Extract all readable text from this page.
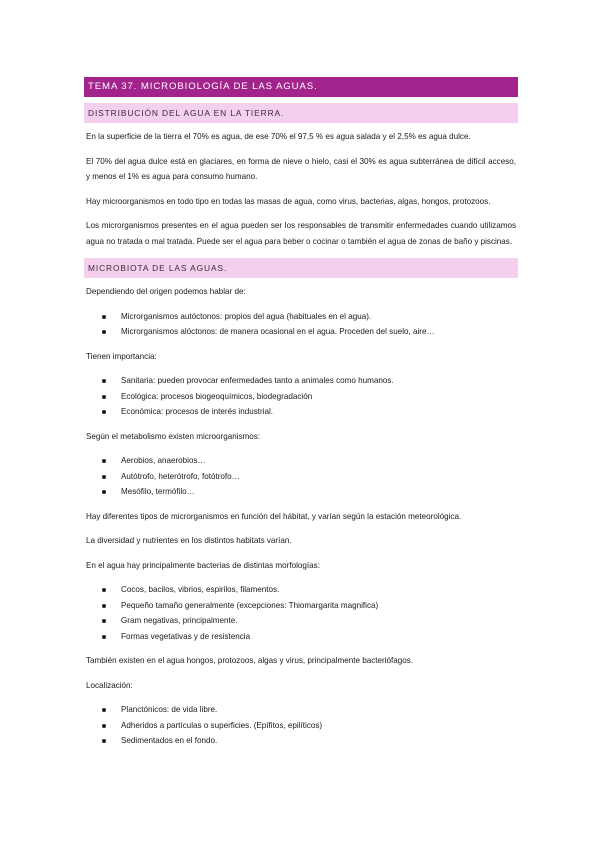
TEMA 37. MICROBIOLOGÍA DE LAS AGUAS.
DISTRIBUCIÓN DEL AGUA EN LA TIERRA.

En la superficie de la tierra el 70% es agua, de ese 70% el 97,5 % es agua salada y el 2,5% es agua dulce.

El 70% del agua dulce está en glaciares, en forma de nieve o hielo, casi el 30% es agua subterránea de difícil acceso, y menos el 1% es agua para consumo humano.

Hay microorganismos en todo tipo en todas las masas de agua, como virus, bacterias, algas, hongos, protozoos.

Los microrganismos presentes en el agua pueden ser los responsables de transmitir enfermedades cuando utilizamos agua no tratada o mal tratada. Puede ser el agua para beber o cocinar o también el agua de zonas de baño y piscinas.

MICROBIOTA DE LAS AGUAS.

Dependiendo del origen podemos hablar de:

Microrganismos autóctonos: propios del agua (habituales en el agua).
Microrganismos alóctonos: de manera ocasional en el agua. Proceden del suelo, aire…

Tienen importancia:

Sanitaria: pueden provocar enfermedades tanto a animales como humanos.
Ecológica: procesos biogeoquímicos, biodegradación
Económica: procesos de interés industrial.

Según el metabolismo existen microorganismos:

Aerobios, anaerobios…
Autótrofo, heterótrofo, fotótrofo…
Mesófilo, termófilo…

Hay diferentes tipos de microrganismos en función del hábitat, y varían según la estación meteorológica.

La diversidad y nutrientes en los distintos habitats varían.

En el agua hay principalmente bacterias de distintas morfologías:

Cocos, bacilos, vibrios, espirilos, filamentos.
Pequeño tamaño generalmente (excepciones: Thiomargarita magnifica)
Gram negativas, principalmente.
Formas vegetativas y de resistencia

También existen en el agua hongos, protozoos, algas y virus, principalmente bacteriófagos.

Localización:

Planctónicos: de vida libre.
Adheridos a partículas o superficies. (Epífitos, epilíticos)
Sedimentados en el fondo.
